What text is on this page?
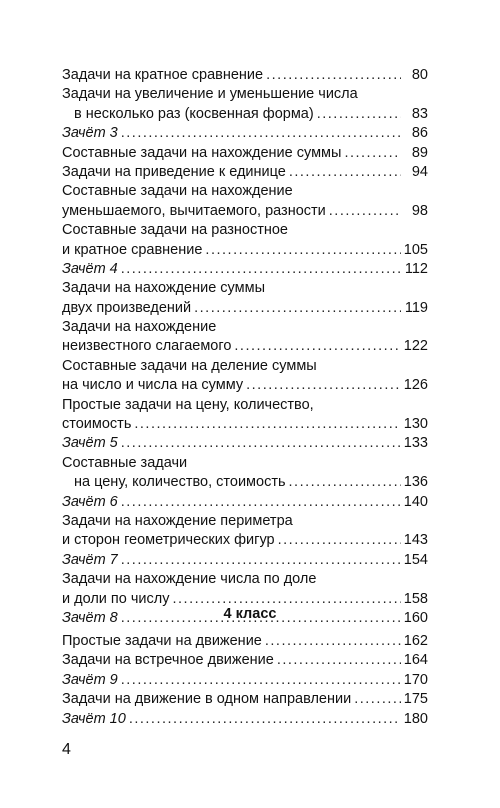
Задачи на кратное сравнение .....	80
Задачи на увеличение и уменьшение числа
в несколько раз (косвенная форма) .....	83
Зачёт 3 .....	86
Составные задачи на нахождение суммы .....	89
Задачи на приведение к единице .....	94
Составные задачи на нахождение
уменьшаемого, вычитаемого, разности .....	98
Составные задачи на разностное
и кратное сравнение .....	105
Зачёт 4 .....	112
Задачи на нахождение суммы
двух произведений .....	119
Задачи на нахождение
неизвестного слагаемого .....	122
Составные задачи на деление суммы
на число и числа на сумму .....	126
Простые задачи на цену, количество,
стоимость .....	130
Зачёт 5 .....	133
Составные задачи
на цену, количество, стоимость .....	136
Зачёт 6 .....	140
Задачи на нахождение периметра
и сторон геометрических фигур .....	143
Зачёт 7 .....	154
Задачи на нахождение числа по доле
и доли по числу .....	158
Зачёт 8 .....	160
4 класс
Простые задачи на движение .....	162
Задачи на встречное движение .....	164
Зачёт 9 .....	170
Задачи на движение в одном направлении .....	175
Зачёт 10 .....	180
4
